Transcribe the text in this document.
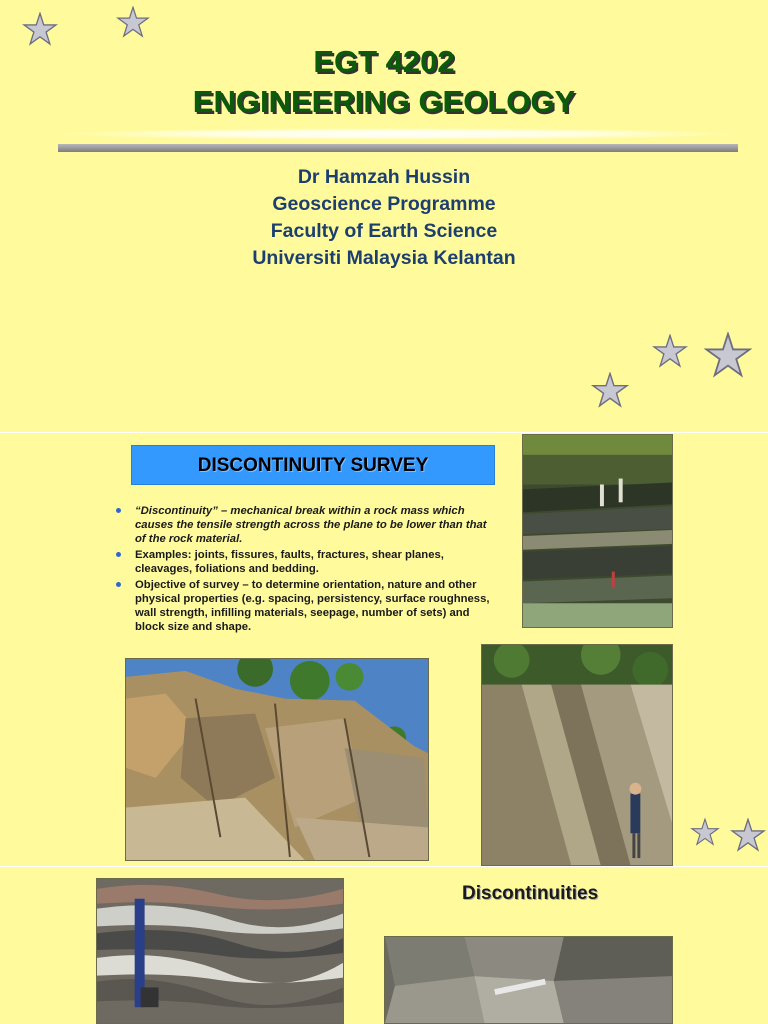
EGT 4202
ENGINEERING GEOLOGY
Dr Hamzah Hussin
Geoscience Programme
Faculty of Earth Science
Universiti Malaysia Kelantan
DISCONTINUITY SURVEY
“Discontinuity” – mechanical break within a rock mass which causes the tensile strength across the plane to be lower than that of the rock material.
Examples: joints, fissures, faults, fractures, shear planes, cleavages, foliations and bedding.
Objective of survey – to determine orientation, nature and other physical properties (e.g. spacing, persistency, surface roughness, wall strength, infilling materials, seepage, number of sets) and block size and shape.
Discontinuities
